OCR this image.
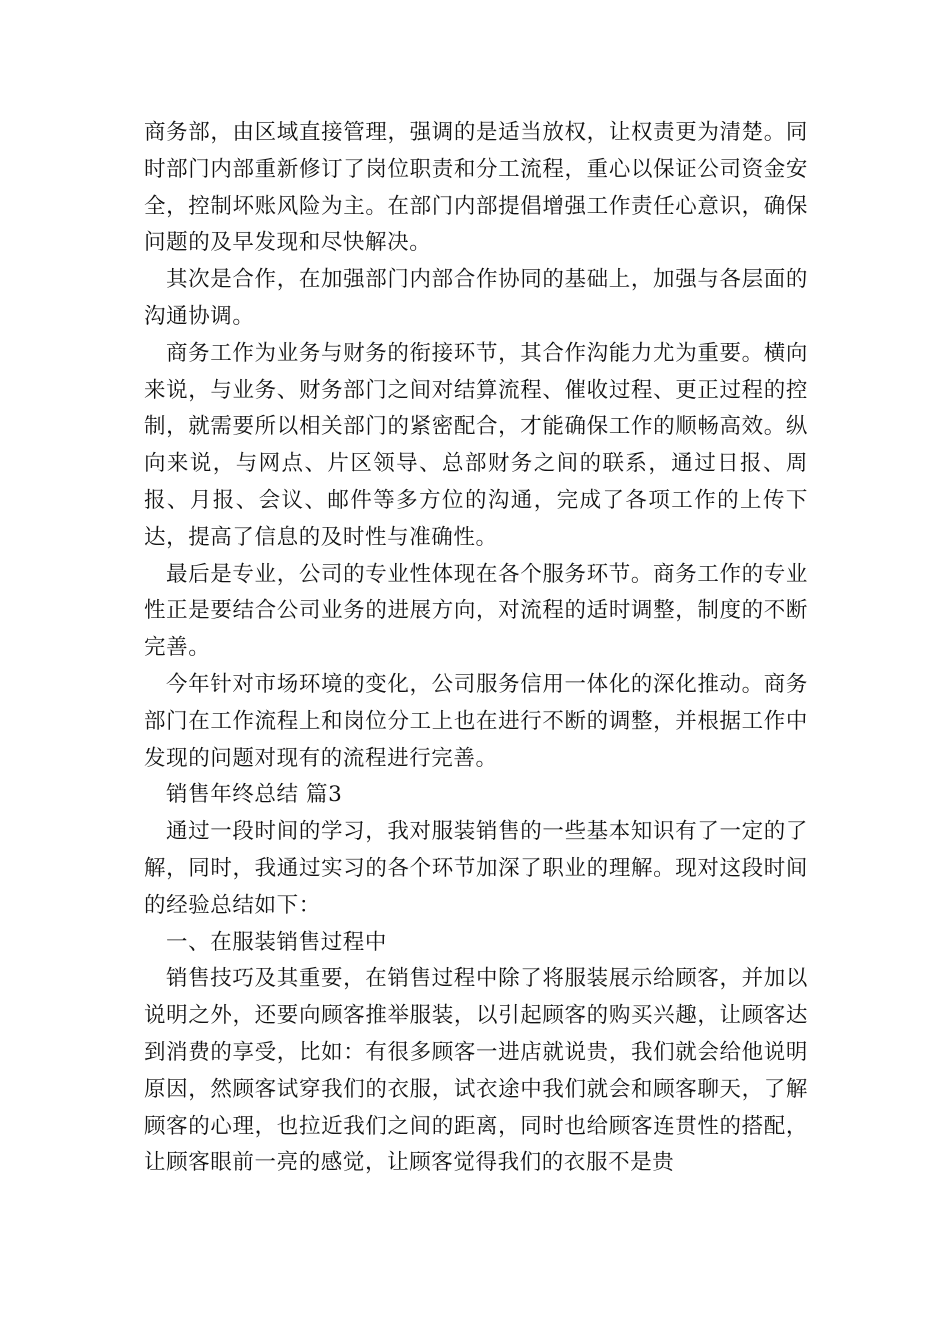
商务部，由区域直接管理，强调的是适当放权，让权责更为清楚。同时部门内部重新修订了岗位职责和分工流程，重心以保证公司资金安全，控制坏账风险为主。在部门内部提倡增强工作责任心意识，确保问题的及早发现和尽快解决。

其次是合作，在加强部门内部合作协同的基础上，加强与各层面的沟通协调。

商务工作为业务与财务的衔接环节，其合作沟能力尤为重要。横向来说，与业务、财务部门之间对结算流程、催收过程、更正过程的控制，就需要所以相关部门的紧密配合，才能确保工作的顺畅高效。纵向来说，与网点、片区领导、总部财务之间的联系，通过日报、周报、月报、会议、邮件等多方位的沟通，完成了各项工作的上传下达，提高了信息的及时性与准确性。

最后是专业，公司的专业性体现在各个服务环节。商务工作的专业性正是要结合公司业务的进展方向，对流程的适时调整，制度的不断完善。

今年针对市场环境的变化，公司服务信用一体化的深化推动。商务部门在工作流程上和岗位分工上也在进行不断的调整，并根据工作中发现的问题对现有的流程进行完善。

销售年终总结 篇3

通过一段时间的学习，我对服装销售的一些基本知识有了一定的了解，同时，我通过实习的各个环节加深了职业的理解。现对这段时间的经验总结如下：

一、在服装销售过程中

销售技巧及其重要，在销售过程中除了将服装展示给顾客，并加以说明之外，还要向顾客推举服装，以引起顾客的购买兴趣，让顾客达到消费的享受，比如：有很多顾客一进店就说贵，我们就会给他说明原因，然顾客试穿我们的衣服，试衣途中我们就会和顾客聊天，了解顾客的心理，也拉近我们之间的距离，同时也给顾客连贯性的搭配，让顾客眼前一亮的感觉，让顾客觉得我们的衣服不是贵
